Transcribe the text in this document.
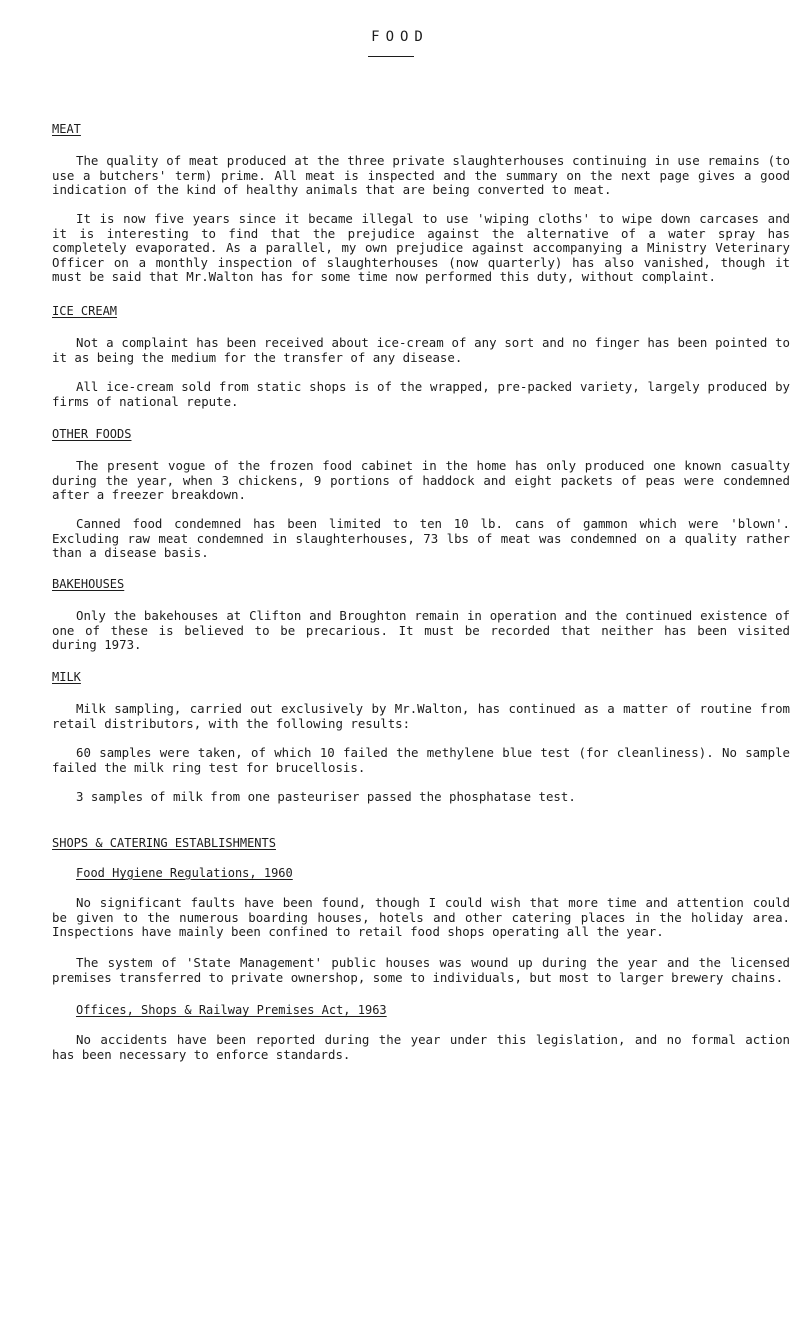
FOOD
MEAT
The quality of meat produced at the three private slaughterhouses continuing in use remains (to use a butchers' term) prime. All meat is inspected and the summary on the next page gives a good indication of the kind of healthy animals that are being converted to meat.
It is now five years since it became illegal to use 'wiping cloths' to wipe down carcases and it is interesting to find that the prejudice against the alternative of a water spray has completely evaporated. As a parallel, my own prejudice against accompanying a Ministry Veterinary Officer on a monthly inspection of slaughterhouses (now quarterly) has also vanished, though it must be said that Mr.Walton has for some time now performed this duty, without complaint.
ICE CREAM
Not a complaint has been received about ice-cream of any sort and no finger has been pointed to it as being the medium for the transfer of any disease.
All ice-cream sold from static shops is of the wrapped, pre-packed variety, largely produced by firms of national repute.
OTHER FOODS
The present vogue of the frozen food cabinet in the home has only produced one known casualty during the year, when 3 chickens, 9 portions of haddock and eight packets of peas were condemned after a freezer breakdown.
Canned food condemned has been limited to ten 10 lb. cans of gammon which were 'blown'. Excluding raw meat condemned in slaughterhouses, 73 lbs of meat was condemned on a quality rather than a disease basis.
BAKEHOUSES
Only the bakehouses at Clifton and Broughton remain in operation and the continued existence of one of these is believed to be precarious. It must be recorded that neither has been visited during 1973.
MILK
Milk sampling, carried out exclusively by Mr.Walton, has continued as a matter of routine from retail distributors, with the following results:
60 samples were taken, of which 10 failed the methylene blue test (for cleanliness). No sample failed the milk ring test for brucellosis.
3 samples of milk from one pasteuriser passed the phosphatase test.
SHOPS & CATERING ESTABLISHMENTS
Food Hygiene Regulations, 1960
No significant faults have been found, though I could wish that more time and attention could be given to the numerous boarding houses, hotels and other catering places in the holiday area. Inspections have mainly been confined to retail food shops operating all the year.
The system of 'State Management' public houses was wound up during the year and the licensed premises transferred to private ownershop, some to individuals, but most to larger brewery chains.
Offices, Shops & Railway Premises Act, 1963
No accidents have been reported during the year under this legislation, and no formal action has been necessary to enforce standards.
